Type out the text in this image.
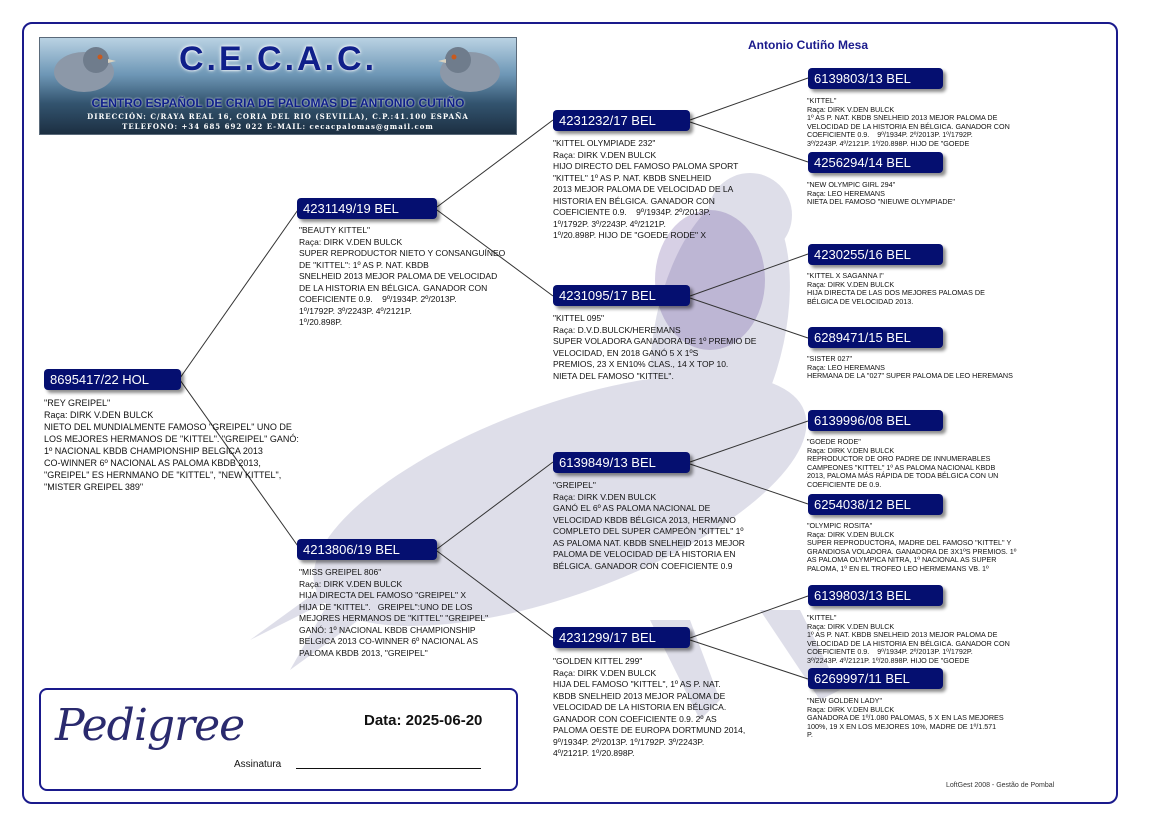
C.E.C.A.C.
CENTRO ESPAÑOL DE CRIA DE PALOMAS DE ANTONIO CUTIÑO
DIRECCIÓN: C/RAYA REAL 16, CORIA DEL RIO (SEVILLA), C.P.:41.100 ESPAÑA
TELEFONO: +34 685 692 022 E-MAIL: cecacpalomas@gmail.com
Antonio Cutiño Mesa
8695417/22 HOL
"REY GREIPEL"
Raça: DIRK V.DEN BULCK
NIETO DEL MUNDIALMENTE FAMOSO "GREIPEL" UNO DE
LOS MEJORES HERMANOS DE "KITTEL". "GREIPEL" GANÓ:
1º NACIONAL KBDB CHAMPIONSHIP BELGICA 2013
CO-WINNER 6º NACIONAL AS PALOMA KBDB 2013,
"GREIPEL" ES HERNMANO DE "KITTEL", "NEW KITTEL",
"MISTER GREIPEL 389"
4231149/19 BEL
"BEAUTY KITTEL"
Raça: DIRK V.DEN BULCK
SUPER REPRODUCTOR NIETO Y CONSANGUÍNEO
DE "KITTEL": 1º AS P. NAT. KBDB
SNELHEID 2013 MEJOR PALOMA DE VELOCIDAD
DE LA HISTORIA EN BÉLGICA. GANADOR CON
COEFICIENTE 0.9.    9º/1934P. 2º/2013P.
1º/1792P. 3º/2243P. 4º/2121P.
1º/20.898P.
4213806/19 BEL
"MISS GREIPEL 806"
Raça: DIRK V.DEN BULCK
HIJA DIRECTA DEL FAMOSO "GREIPEL" X
HIJA DE "KITTEL".   GREIPEL":UNO DE LOS
MEJORES HERMANOS DE "KITTEL" "GREIPEL"
GANÓ: 1º NACIONAL KBDB CHAMPIONSHIP
BELGICA 2013 CO-WINNER 6º NACIONAL AS
PALOMA KBDB 2013, "GREIPEL"
4231232/17 BEL
"KITTEL OLYMPIADE 232"
Raça: DIRK V.DEN BULCK
HIJO DIRECTO DEL FAMOSO PALOMA SPORT
"KITTEL" 1º AS P. NAT. KBDB SNELHEID
2013 MEJOR PALOMA DE VELOCIDAD DE LA
HISTORIA EN BÉLGICA. GANADOR CON
COEFICIENTE 0.9.    9º/1934P. 2º/2013P.
1º/1792P. 3º/2243P. 4º/2121P.
1º/20.898P. HIJO DE "GOEDE RODE" X
4231095/17 BEL
"KITTEL 095"
Raça: D.V.D.BULCK/HEREMANS
SUPER VOLADORA GANADORA DE 1º PREMIO DE
VELOCIDAD, EN 2018 GANÓ 5 X 1ºS
PREMIOS, 23 X EN10% CLAS., 14 X TOP 10.
NIETA DEL FAMOSO "KITTEL".
6139849/13 BEL
"GREIPEL"
Raça: DIRK V.DEN BULCK
GANÓ EL 6º AS PALOMA NACIONAL DE
VELOCIDAD KBDB BÉLGICA 2013, HERMANO
COMPLETO DEL SUPER CAMPEÓN "KITTEL" 1º
AS PALOMA NAT. KBDB SNELHEID 2013 MEJOR
PALOMA DE VELOCIDAD DE LA HISTORIA EN
BÉLGICA. GANADOR CON COEFICIENTE 0.9
4231299/17 BEL
"GOLDEN KITTEL 299"
Raça: DIRK V.DEN BULCK
HIJA DEL FAMOSO "KITTEL", 1º AS P. NAT.
KBDB SNELHEID 2013 MEJOR PALOMA DE
VELOCIDAD DE LA HISTORIA EN BÉLGICA.
GANADOR CON COEFICIENTE 0.9. 2º AS
PALOMA OESTE DE EUROPA DORTMUND 2014,
9º/1934P. 2º/2013P. 1º/1792P. 3º/2243P.
4º/2121P. 1º/20.898P.
6139803/13 BEL
"KITTEL"
Raça: DIRK V.DEN BULCK
1º AS P. NAT. KBDB SNELHEID 2013 MEJOR PALOMA DE
VELOCIDAD DE LA HISTORIA EN BÉLGICA. GANADOR CON
COEFICIENTE 0.9.    9º/1934P. 2º/2013P. 1º/1792P.
3º/2243P. 4º/2121P. 1º/20.898P. HIJO DE "GOEDE
4256294/14 BEL
"NEW OLYMPIC GIRL 294"
Raça: LEO HEREMANS
NIETA DEL FAMOSO "NIEUWE OLYMPIADE"
4230255/16 BEL
"KITTEL X SAGANNA I"
Raça: DIRK V.DEN BULCK
HIJA DIRECTA DE LAS DOS MEJORES PALOMAS DE
BÉLGICA DE VELOCIDAD 2013.
6289471/15 BEL
"SISTER 027"
Raça: LEO HEREMANS
HERMANA DE LA "027" SUPER PALOMA DE LEO HEREMANS
6139996/08 BEL
"GOEDE RODE"
Raça: DIRK V.DEN BULCK
REPRODUCTOR DE ORO PADRE DE INNUMERABLES
CAMPEONES "KITTEL" 1º AS PALOMA NACIONAL KBDB
2013, PALOMA MÁS RÁPIDA DE TODA BÉLGICA CON UN
COEFICIENTE DE 0.9.
6254038/12 BEL
"OLYMPIC ROSITA"
Raça: DIRK V.DEN BULCK
SUPER REPRODUCTORA, MADRE DEL FAMOSO "KITTEL" Y
GRANDIOSA VOLADORA. GANADORA DE 3X1ºS PREMIOS. 1º
AS PALOMA OLYMPICA NITRA, 1º NACIONAL AS SUPER
PALOMA, 1º EN EL TROFEO LEO HERMEMANS VB. 1º
6139803/13 BEL
"KITTEL"
Raça: DIRK V.DEN BULCK
1º AS P. NAT. KBDB SNELHEID 2013 MEJOR PALOMA DE
VELOCIDAD DE LA HISTORIA EN BÉLGICA. GANADOR CON
COEFICIENTE 0.9.    9º/1934P. 2º/2013P. 1º/1792P.
3º/2243P. 4º/2121P. 1º/20.898P. HIJO DE "GOEDE
6269997/11 BEL
"NEW GOLDEN LADY"
Raça: DIRK V.DEN BULCK
GANADORA DE 1º/1.080 PALOMAS, 5 X EN LAS MEJORES
100%, 19 X EN LOS MEJORES 10%, MADRE DE 1º/1.571
P.
Pedigree	Data: 2025-06-20
Assinatura
LoftGest 2008 - Gestão de Pombal
